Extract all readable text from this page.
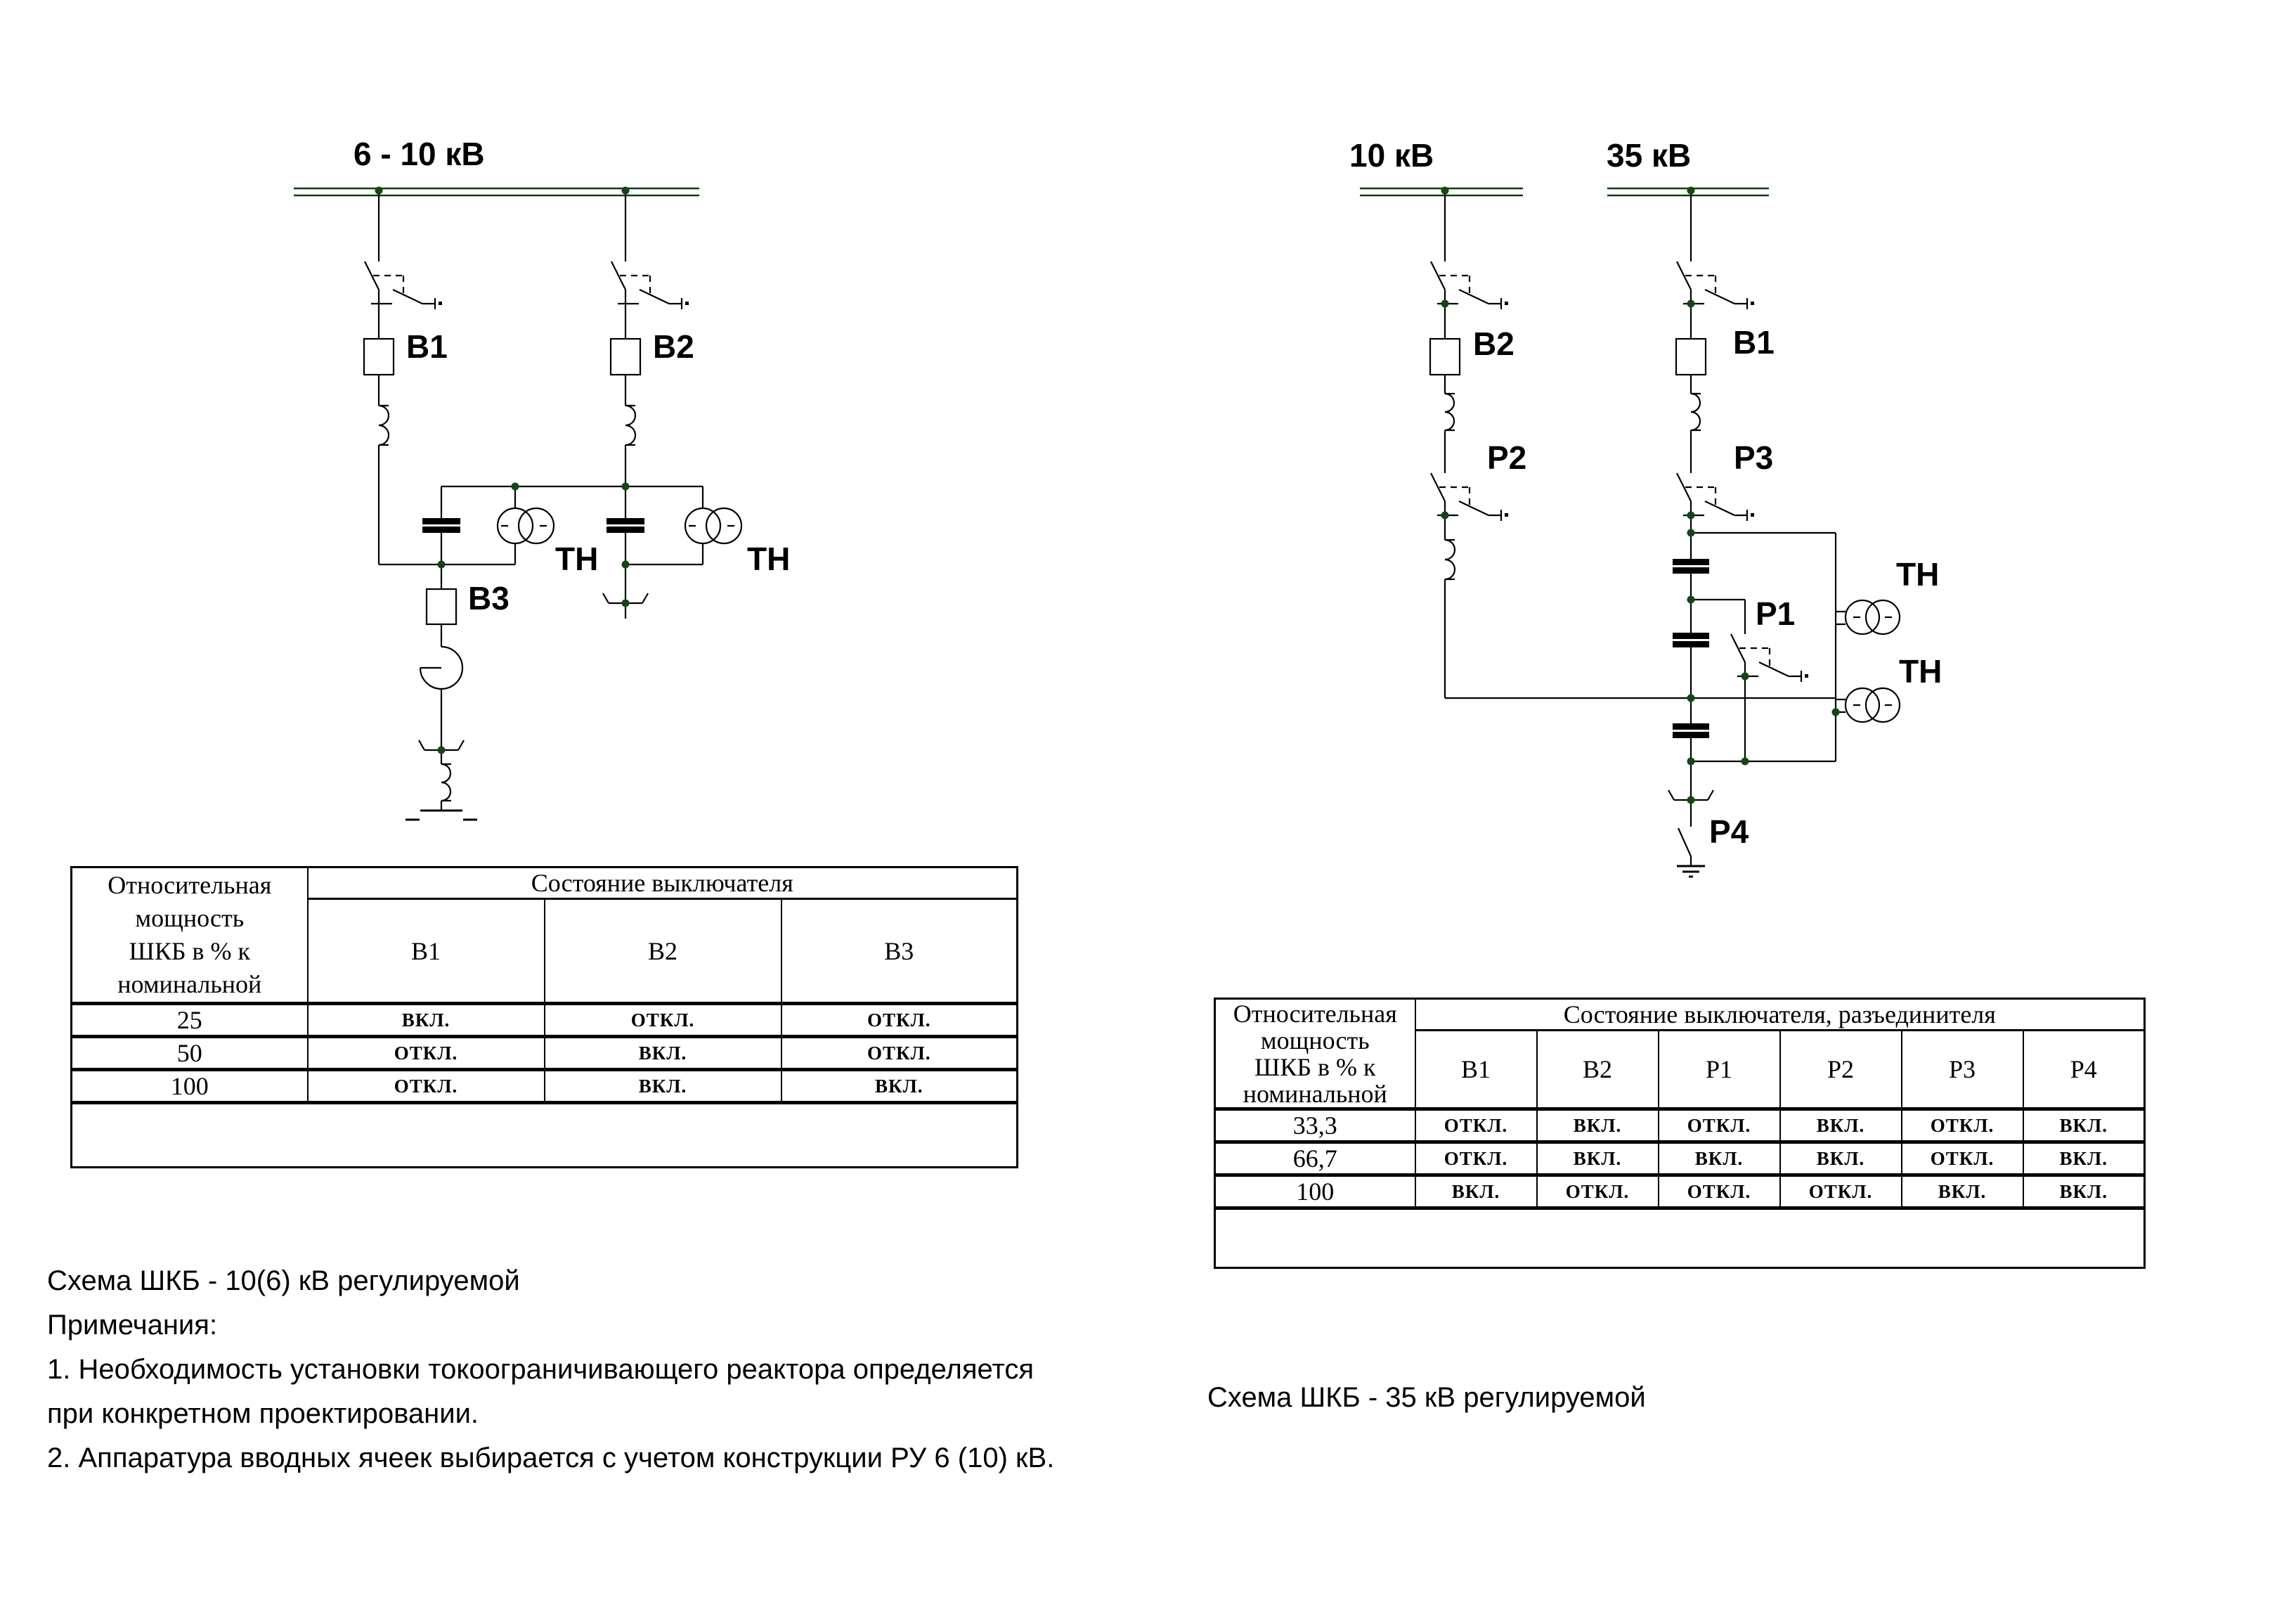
6 - 10 кВ
В1	В2
В3
ТН	ТН
10 кВ	35 кВ
В2	В1
Р2	Р3
Р1
Р4
ТН
ТН
Относительная
мощность
ШКБ в % к
номинальной	Состояние выключателя		
	В1	В2	В3
25	ВКЛ.	ОТКЛ.	ОТКЛ.
50	ОТКЛ.	ВКЛ.	ОТКЛ.
100	ОТКЛ.	ВКЛ.	ВКЛ.

Относительная
мощность
ШКБ в % к
номинальной	Состояние выключателя, разъединителя					
	В1	В2	Р1	Р2	Р3	Р4
33,3	ОТКЛ.	ВКЛ.	ОТКЛ.	ВКЛ.	ОТКЛ.	ВКЛ.
66,7	ОТКЛ.	ВКЛ.	ВКЛ.	ВКЛ.	ОТКЛ.	ВКЛ.
100	ВКЛ.	ОТКЛ.	ОТКЛ.	ОТКЛ.	ВКЛ.	ВКЛ.

Схема ШКБ - 10(6) кВ регулируемой
Примечания:
1. Необходимость установки токоограничивающего реактора определяется
при конкретном проектировании.
2. Аппаратура вводных ячеек выбирается с учетом конструкции РУ 6 (10) кВ.
Схема ШКБ - 35 кВ регулируемой
